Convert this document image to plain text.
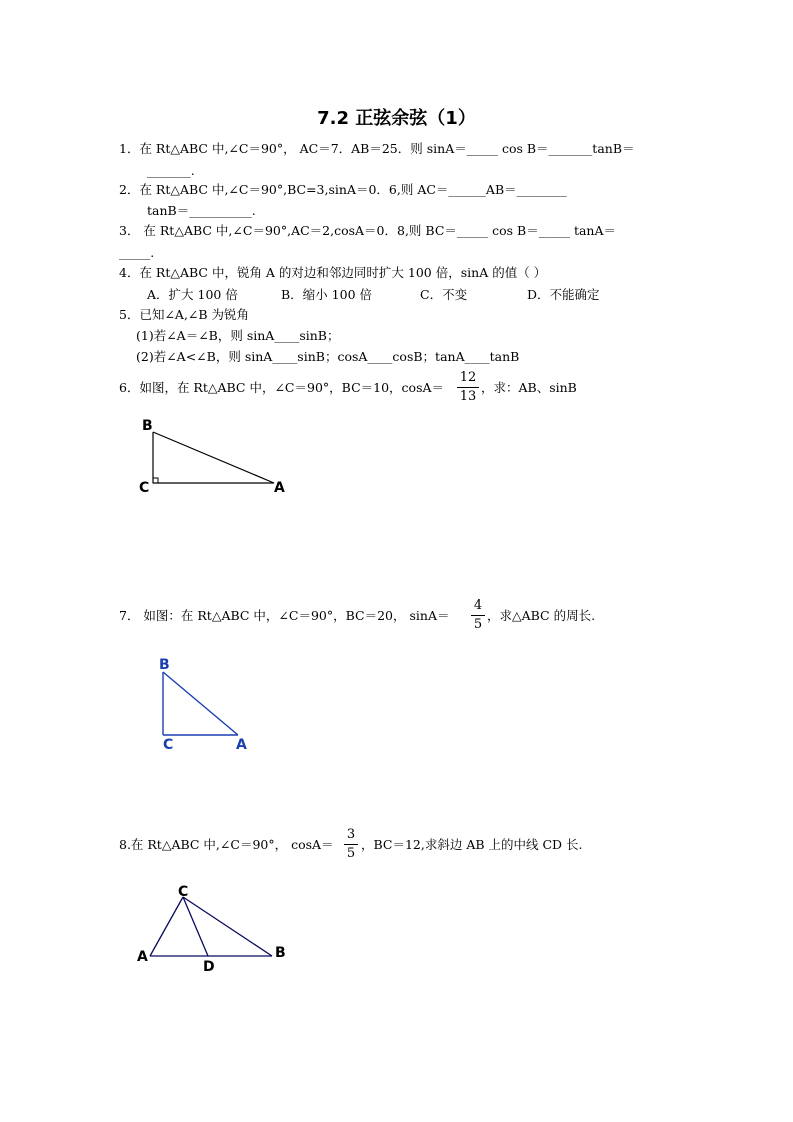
7.2 正弦余弦（1）
1．在 Rt△ABC 中,∠C＝90°， AC＝7．AB＝25．则 sinA＝_____ cos B＝_______tanB＝
_______.
2．在 Rt△ABC 中,∠C＝90°,BC=3,sinA＝0．6,则 AC＝______AB＝________
tanB＝__________.
3． 在 Rt△ABC 中,∠C＝90°,AC＝2,cosA＝0．8,则 BC＝_____ cos B＝_____ tanA＝
_____.
4．在 Rt△ABC 中，锐角 A 的对边和邻边同时扩大 100 倍，sinA 的值（ ）
A．扩大 100 倍	B．缩小 100 倍	C．不变	D．不能确定
5．已知∠A,∠B 为锐角
(1)若∠A＝∠B，则 sinA____sinB；
(2)若∠A<∠B，则 sinA____sinB；cosA____cosB；tanA____tanB
6．如图，在 Rt△ABC 中，∠C＝90°，BC＝10，cosA＝
12
13
，求：AB、sinB
B
C	A
7． 如图：在 Rt△ABC 中，∠C＝90°，BC＝20， sinA＝
4
5
，求△ABC 的周长.
B
C	A
8.在 Rt△ABC 中,∠C＝90°， cosA＝
3
5
，BC＝12,求斜边 AB 上的中线 CD 长.
C
A	B
D
